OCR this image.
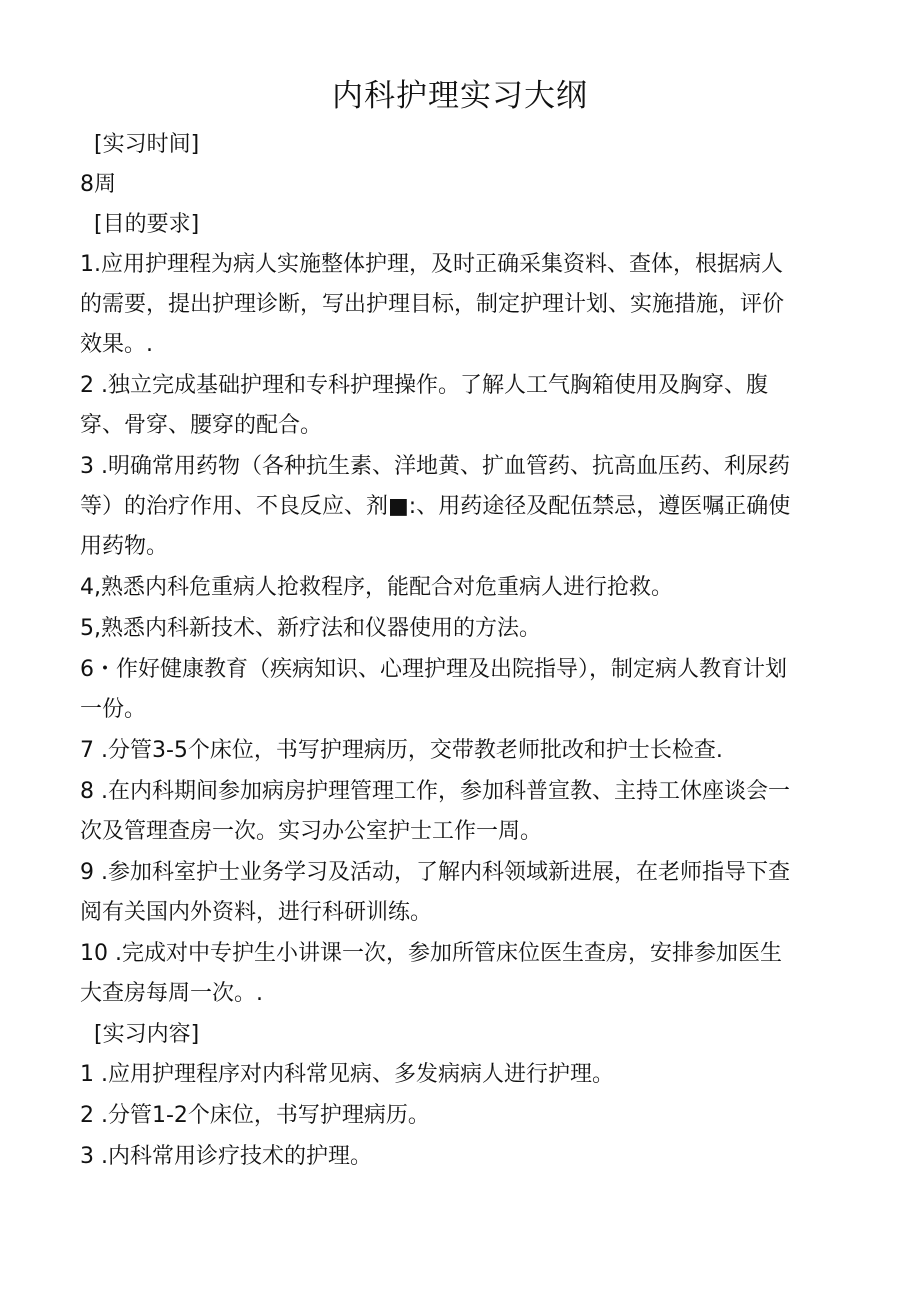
内科护理实习大纲
[实习时间]
8周
[目的要求]
1.应用护理程为病人实施整体护理，及时正确采集资料、查体，根据病人
的需要，提出护理诊断，写出护理目标，制定护理计划、实施措施，评价
效果。.
2 .独立完成基础护理和专科护理操作。了解人工气胸箱使用及胸穿、腹
穿、骨穿、腰穿的配合。
3 .明确常用药物（各种抗生素、洋地黄、扩血管药、抗高血压药、利尿药
等）的治疗作用、不良反应、剂■:、用药途径及配伍禁忌，遵医嘱正确使
用药物。
4,熟悉内科危重病人抢救程序，能配合对危重病人进行抢救。
5,熟悉内科新技术、新疗法和仪器使用的方法。
6・作好健康教育（疾病知识、心理护理及出院指导），制定病人教育计划
一份。
7 .分管3-5个床位，书写护理病历，交带教老师批改和护士长检查.
8 .在内科期间参加病房护理管理工作，参加科普宣教、主持工休座谈会一
次及管理查房一次。实习办公室护士工作一周。
9 .参加科室护士业务学习及活动，了解内科领域新进展，在老师指导下查
阅有关国内外资料，进行科研训练。
10 .完成对中专护生小讲课一次，参加所管床位医生查房，安排参加医生
大查房每周一次。.
[实习内容]
1 .应用护理程序对内科常见病、多发病病人进行护理。
2 .分管1-2个床位，书写护理病历。
3 .内科常用诊疗技术的护理。
